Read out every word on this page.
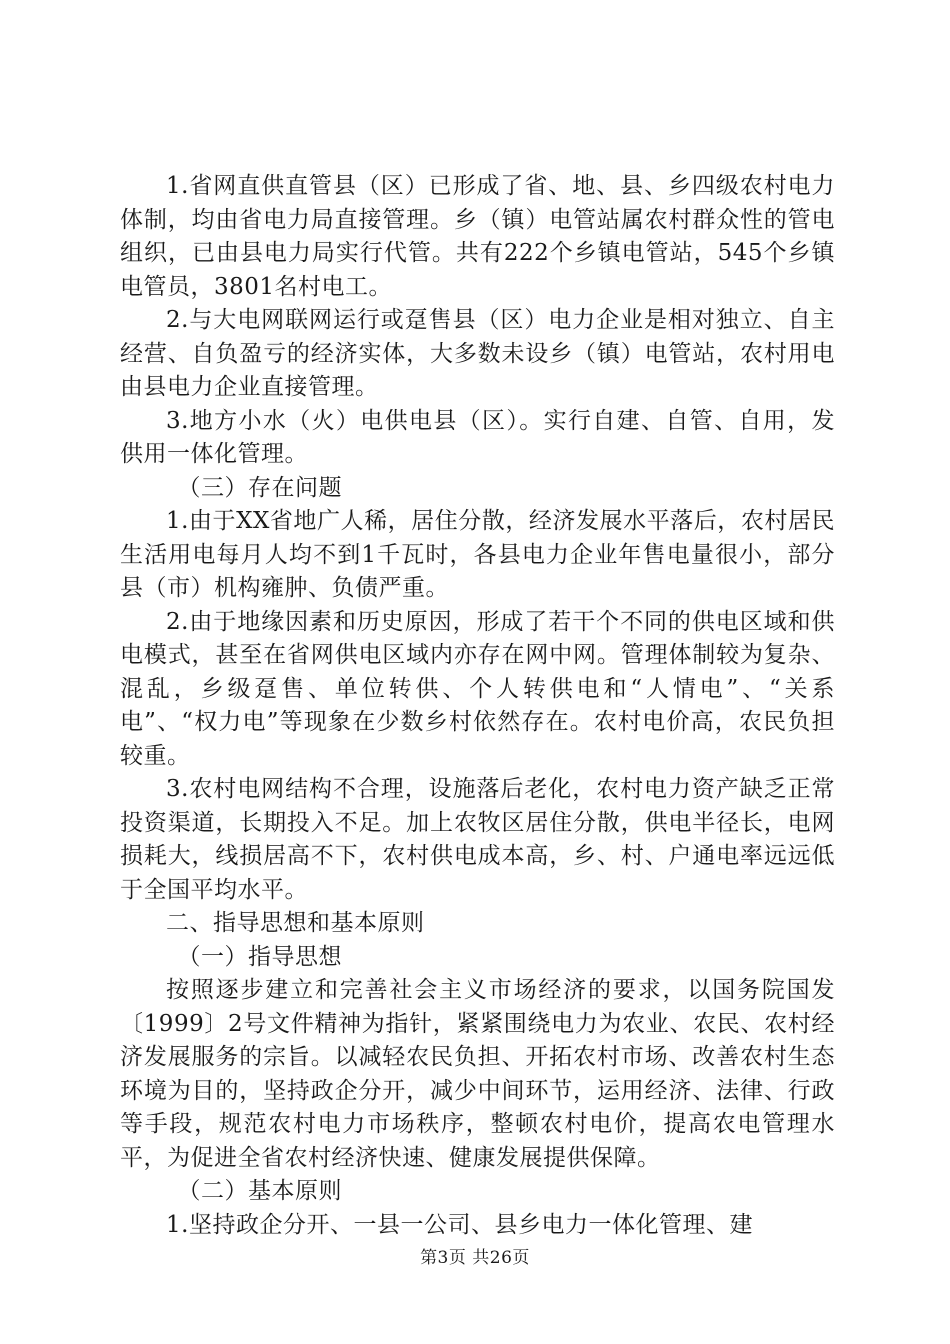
1.省网直供直管县（区）已形成了省、地、县、乡四级农村电力体制，均由省电力局直接管理。乡（镇）电管站属农村群众性的管电组织，已由县电力局实行代管。共有222个乡镇电管站，545个乡镇电管员，3801名村电工。

2.与大电网联网运行或趸售县（区）电力企业是相对独立、自主经营、自负盈亏的经济实体，大多数未设乡（镇）电管站，农村用电由县电力企业直接管理。

3.地方小水（火）电供电县（区）。实行自建、自管、自用，发供用一体化管理。

（三）存在问题

1.由于XX省地广人稀，居住分散，经济发展水平落后，农村居民生活用电每月人均不到1千瓦时，各县电力企业年售电量很小，部分县（市）机构雍肿、负债严重。

2.由于地缘因素和历史原因，形成了若干个不同的供电区域和供电模式，甚至在省网供电区域内亦存在网中网。管理体制较为复杂、混乱，乡级趸售、单位转供、个人转供电和“人情电”、“关系电”、“权力电”等现象在少数乡村依然存在。农村电价高，农民负担较重。

3.农村电网结构不合理，设施落后老化，农村电力资产缺乏正常投资渠道，长期投入不足。加上农牧区居住分散，供电半径长，电网损耗大，线损居高不下，农村供电成本高，乡、村、户通电率远远低于全国平均水平。

二、指导思想和基本原则

（一）指导思想

按照逐步建立和完善社会主义市场经济的要求，以国务院国发〔1999〕2号文件精神为指针，紧紧围绕电力为农业、农民、农村经济发展服务的宗旨。以减轻农民负担、开拓农村市场、改善农村生态环境为目的，坚持政企分开，减少中间环节，运用经济、法律、行政等手段，规范农村电力市场秩序，整顿农村电价，提高农电管理水平，为促进全省农村经济快速、健康发展提供保障。

（二）基本原则

1.坚持政企分开、一县一公司、县乡电力一体化管理、建

第3页 共26页
